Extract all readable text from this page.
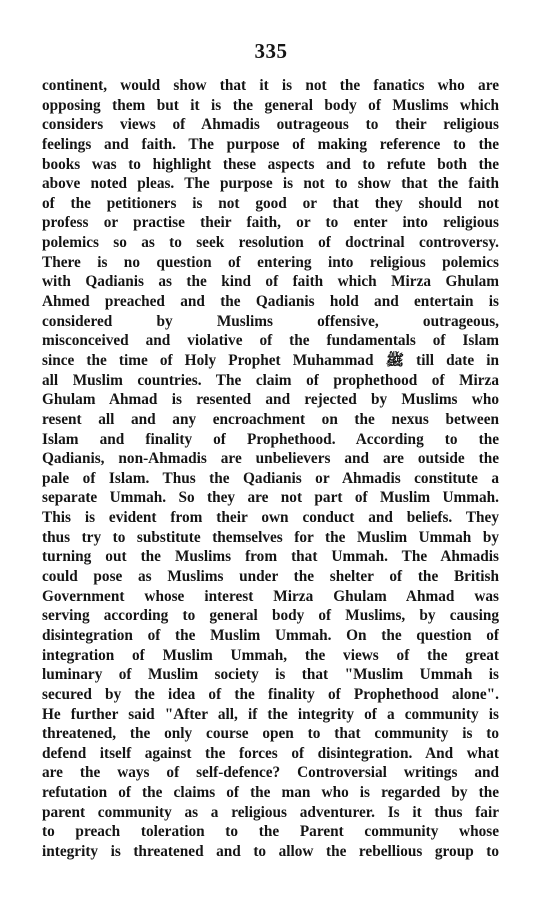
335
continent, would show that it is not the fanatics who are
opposing them but it is the general body of Muslims which
considers views of Ahmadis outrageous to their religious
feelings and faith. The purpose of making reference to the
books was to highlight these aspects and to refute both the
above noted pleas. The purpose is not to show that the faith
of the petitioners is not good or that they should not
profess or practise their faith, or to enter into religious
polemics so as to seek resolution of doctrinal controversy.
There is no question of entering into religious polemics
with Qadianis as the kind of faith which Mirza Ghulam
Ahmed preached and the Qadianis hold and entertain is
considered by Muslims offensive, outrageous,
misconceived and violative of the fundamentals of Islam
since the time of Holy Prophet Muhammad ﷺ till date in
all Muslim countries. The claim of prophethood of Mirza
Ghulam Ahmad is resented and rejected by Muslims who
resent all and any encroachment on the nexus between
Islam and finality of Prophethood. According to the
Qadianis, non-Ahmadis are unbelievers and are outside the
pale of Islam. Thus the Qadianis or Ahmadis constitute a
separate Ummah. So they are not part of Muslim Ummah.
This is evident from their own conduct and beliefs. They
thus try to substitute themselves for the Muslim Ummah by
turning out the Muslims from that Ummah. The Ahmadis
could pose as Muslims under the shelter of the British
Government whose interest Mirza Ghulam Ahmad was
serving according to general body of Muslims, by causing
disintegration of the Muslim Ummah. On the question of
integration of Muslim Ummah, the views of the great
luminary of Muslim society is that "Muslim Ummah is
secured by the idea of the finality of Prophethood alone".
He further said "After all, if the integrity of a community is
threatened, the only course open to that community is to
defend itself against the forces of disintegration. And what
are the ways of self-defence? Controversial writings and
refutation of the claims of the man who is regarded by the
parent community as a religious adventurer. Is it thus fair
to preach toleration to the Parent community whose
integrity is threatened and to allow the rebellious group to
